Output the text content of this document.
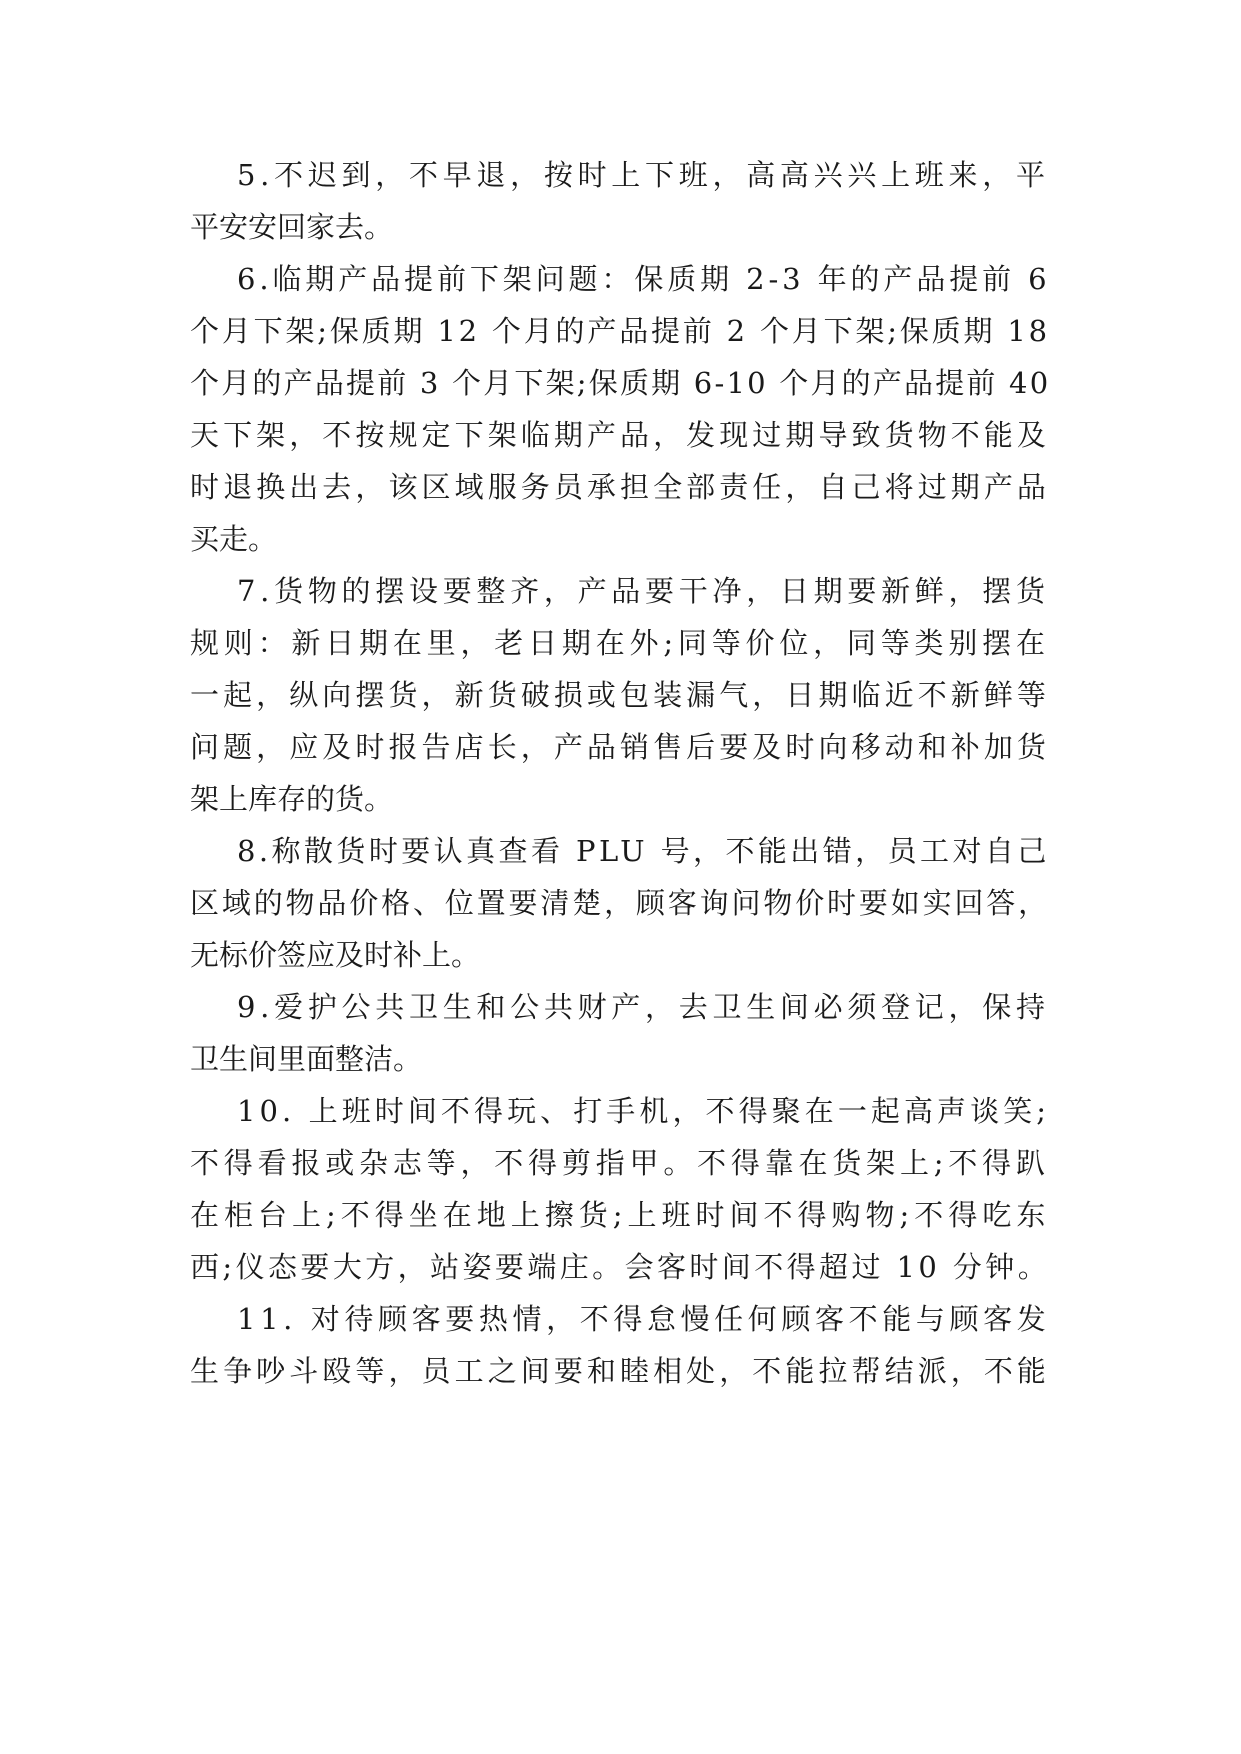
5.不迟到，不早退，按时上下班，高高兴兴上班来，平
平安安回家去。
6.临期产品提前下架问题：保质期 2-3 年的产品提前 6
个月下架;保质期 12 个月的产品提前 2 个月下架;保质期 18
个月的产品提前 3 个月下架;保质期 6-10 个月的产品提前 40
天下架，不按规定下架临期产品，发现过期导致货物不能及
时退换出去，该区域服务员承担全部责任，自己将过期产品
买走。
7.货物的摆设要整齐，产品要干净，日期要新鲜，摆货
规则：新日期在里，老日期在外;同等价位，同等类别摆在
一起，纵向摆货，新货破损或包装漏气，日期临近不新鲜等
问题，应及时报告店长，产品销售后要及时向移动和补加货
架上库存的货。
8.称散货时要认真查看 PLU 号，不能出错，员工对自己
区域的物品价格、位置要清楚，顾客询问物价时要如实回答，
无标价签应及时补上。
9.爱护公共卫生和公共财产，去卫生间必须登记，保持
卫生间里面整洁。
10. 上班时间不得玩、打手机，不得聚在一起高声谈笑;
不得看报或杂志等，不得剪指甲。不得靠在货架上;不得趴
在柜台上;不得坐在地上擦货;上班时间不得购物;不得吃东
西;仪态要大方，站姿要端庄。会客时间不得超过 10 分钟。
11. 对待顾客要热情，不得怠慢任何顾客不能与顾客发
生争吵斗殴等，员工之间要和睦相处，不能拉帮结派，不能
